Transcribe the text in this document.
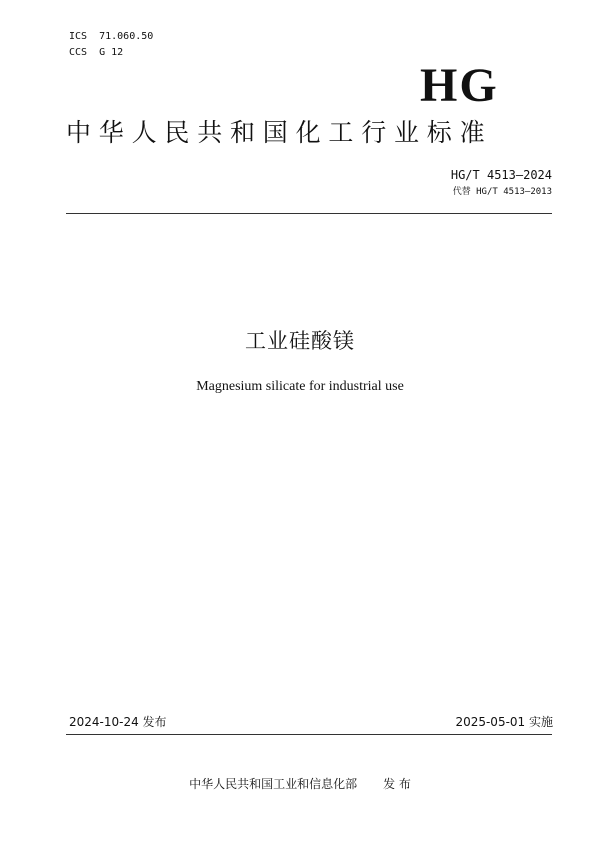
ICS  71.060.50
CCS  G 12
HG
中华人民共和国化工行业标准
HG/T 4513—2024
代替 HG/T 4513—2013
工业硅酸镁
Magnesium silicate for industrial use
2024-10-24 发布	2025-05-01 实施
中华人民共和国工业和信息化部 发 布
